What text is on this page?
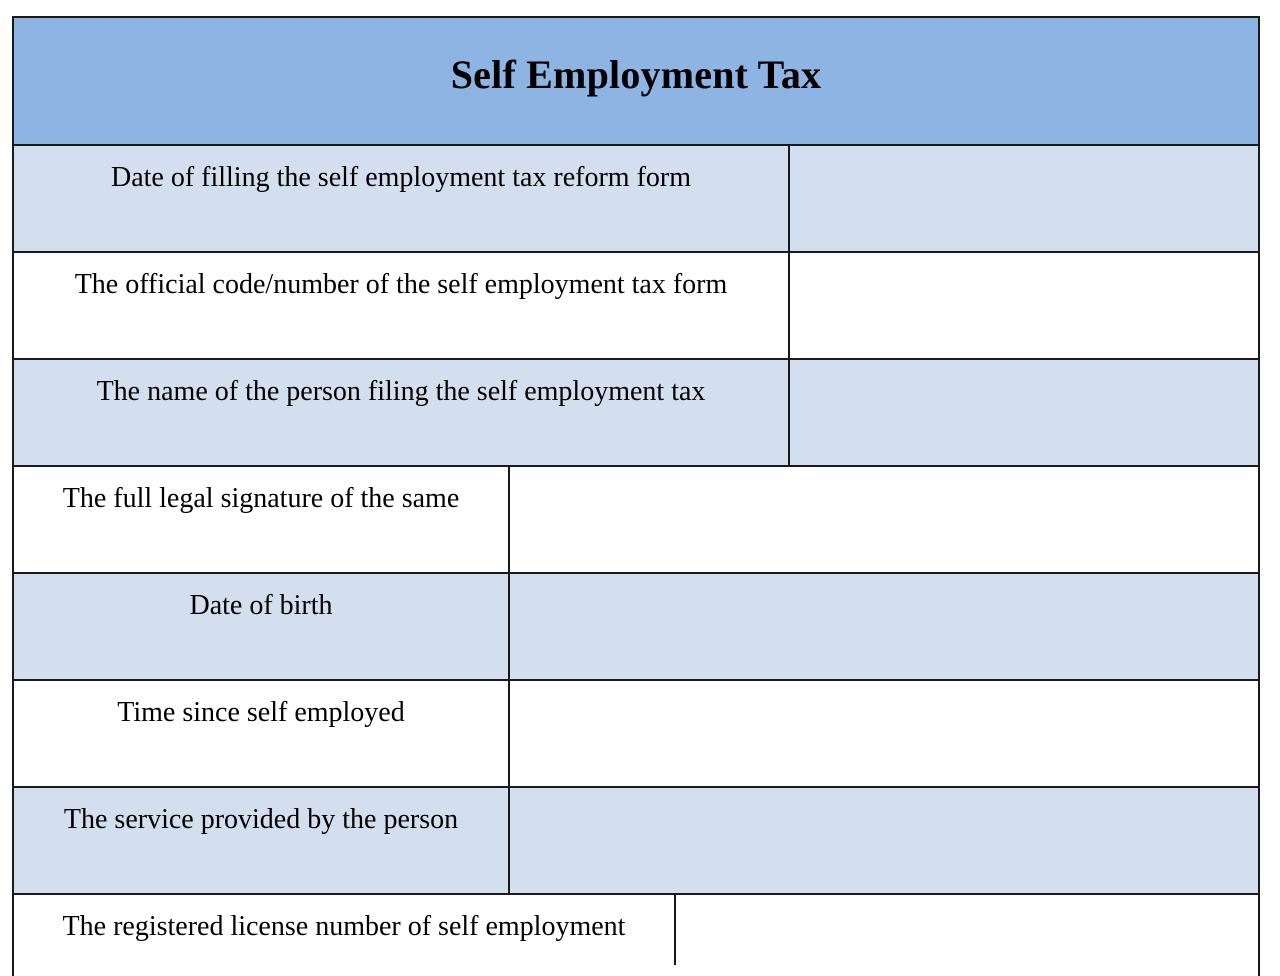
Self Employment Tax
Date of filling the self employment tax reform form
The official code/number of the self employment tax form
The name of the person filing the self employment tax
The full legal signature of the same
Date of birth
Time since self employed
The service provided by the person
The registered license number of self employment
